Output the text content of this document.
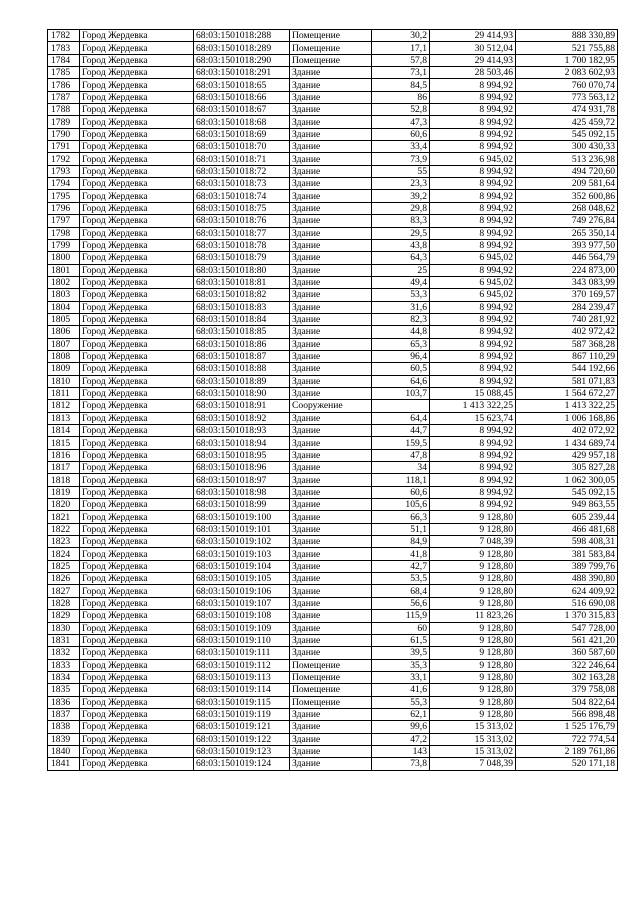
1782	Город Жердевка	68:03:1501018:288	Помещение	30,2	29 414,93	888 330,89
1783	Город Жердевка	68:03:1501018:289	Помещение	17,1	30 512,04	521 755,88
1784	Город Жердевка	68:03:1501018:290	Помещение	57,8	29 414,93	1 700 182,95
1785	Город Жердевка	68:03:1501018:291	Здание	73,1	28 503,46	2 083 602,93
1786	Город Жердевка	68:03:1501018:65	Здание	84,5	8 994,92	760 070,74
1787	Город Жердевка	68:03:1501018:66	Здание	86	8 994,92	773 563,12
1788	Город Жердевка	68:03:1501018:67	Здание	52,8	8 994,92	474 931,78
1789	Город Жердевка	68:03:1501018:68	Здание	47,3	8 994,92	425 459,72
1790	Город Жердевка	68:03:1501018:69	Здание	60,6	8 994,92	545 092,15
1791	Город Жердевка	68:03:1501018:70	Здание	33,4	8 994,92	300 430,33
1792	Город Жердевка	68:03:1501018:71	Здание	73,9	6 945,02	513 236,98
1793	Город Жердевка	68:03:1501018:72	Здание	55	8 994,92	494 720,60
1794	Город Жердевка	68:03:1501018:73	Здание	23,3	8 994,92	209 581,64
1795	Город Жердевка	68:03:1501018:74	Здание	39,2	8 994,92	352 600,86
1796	Город Жердевка	68:03:1501018:75	Здание	29,8	8 994,92	268 048,62
1797	Город Жердевка	68:03:1501018:76	Здание	83,3	8 994,92	749 276,84
1798	Город Жердевка	68:03:1501018:77	Здание	29,5	8 994,92	265 350,14
1799	Город Жердевка	68:03:1501018:78	Здание	43,8	8 994,92	393 977,50
1800	Город Жердевка	68:03:1501018:79	Здание	64,3	6 945,02	446 564,79
1801	Город Жердевка	68:03:1501018:80	Здание	25	8 994,92	224 873,00
1802	Город Жердевка	68:03:1501018:81	Здание	49,4	6 945,02	343 083,99
1803	Город Жердевка	68:03:1501018:82	Здание	53,3	6 945,02	370 169,57
1804	Город Жердевка	68:03:1501018:83	Здание	31,6	8 994,92	284 239,47
1805	Город Жердевка	68:03:1501018:84	Здание	82,3	8 994,92	740 281,92
1806	Город Жердевка	68:03:1501018:85	Здание	44,8	8 994,92	402 972,42
1807	Город Жердевка	68:03:1501018:86	Здание	65,3	8 994,92	587 368,28
1808	Город Жердевка	68:03:1501018:87	Здание	96,4	8 994,92	867 110,29
1809	Город Жердевка	68:03:1501018:88	Здание	60,5	8 994,92	544 192,66
1810	Город Жердевка	68:03:1501018:89	Здание	64,6	8 994,92	581 071,83
1811	Город Жердевка	68:03:1501018:90	Здание	103,7	15 088,45	1 564 672,27
1812	Город Жердевка	68:03:1501018:91	Сооружение		1 413 322,25	1 413 322,25
1813	Город Жердевка	68:03:1501018:92	Здание	64,4	15 623,74	1 006 168,86
1814	Город Жердевка	68:03:1501018:93	Здание	44,7	8 994,92	402 072,92
1815	Город Жердевка	68:03:1501018:94	Здание	159,5	8 994,92	1 434 689,74
1816	Город Жердевка	68:03:1501018:95	Здание	47,8	8 994,92	429 957,18
1817	Город Жердевка	68:03:1501018:96	Здание	34	8 994,92	305 827,28
1818	Город Жердевка	68:03:1501018:97	Здание	118,1	8 994,92	1 062 300,05
1819	Город Жердевка	68:03:1501018:98	Здание	60,6	8 994,92	545 092,15
1820	Город Жердевка	68:03:1501018:99	Здание	105,6	8 994,92	949 863,55
1821	Город Жердевка	68:03:1501019:100	Здание	66,3	9 128,80	605 239,44
1822	Город Жердевка	68:03:1501019:101	Здание	51,1	9 128,80	466 481,68
1823	Город Жердевка	68:03:1501019:102	Здание	84,9	7 048,39	598 408,31
1824	Город Жердевка	68:03:1501019:103	Здание	41,8	9 128,80	381 583,84
1825	Город Жердевка	68:03:1501019:104	Здание	42,7	9 128,80	389 799,76
1826	Город Жердевка	68:03:1501019:105	Здание	53,5	9 128,80	488 390,80
1827	Город Жердевка	68:03:1501019:106	Здание	68,4	9 128,80	624 409,92
1828	Город Жердевка	68:03:1501019:107	Здание	56,6	9 128,80	516 690,08
1829	Город Жердевка	68:03:1501019:108	Здание	115,9	11 823,26	1 370 315,83
1830	Город Жердевка	68:03:1501019:109	Здание	60	9 128,80	547 728,00
1831	Город Жердевка	68:03:1501019:110	Здание	61,5	9 128,80	561 421,20
1832	Город Жердевка	68:03:1501019:111	Здание	39,5	9 128,80	360 587,60
1833	Город Жердевка	68:03:1501019:112	Помещение	35,3	9 128,80	322 246,64
1834	Город Жердевка	68:03:1501019:113	Помещение	33,1	9 128,80	302 163,28
1835	Город Жердевка	68:03:1501019:114	Помещение	41,6	9 128,80	379 758,08
1836	Город Жердевка	68:03:1501019:115	Помещение	55,3	9 128,80	504 822,64
1837	Город Жердевка	68:03:1501019:119	Здание	62,1	9 128,80	566 898,48
1838	Город Жердевка	68:03:1501019:121	Здание	99,6	15 313,02	1 525 176,79
1839	Город Жердевка	68:03:1501019:122	Здание	47,2	15 313,02	722 774,54
1840	Город Жердевка	68:03:1501019:123	Здание	143	15 313,02	2 189 761,86
1841	Город Жердевка	68:03:1501019:124	Здание	73,8	7 048,39	520 171,18
